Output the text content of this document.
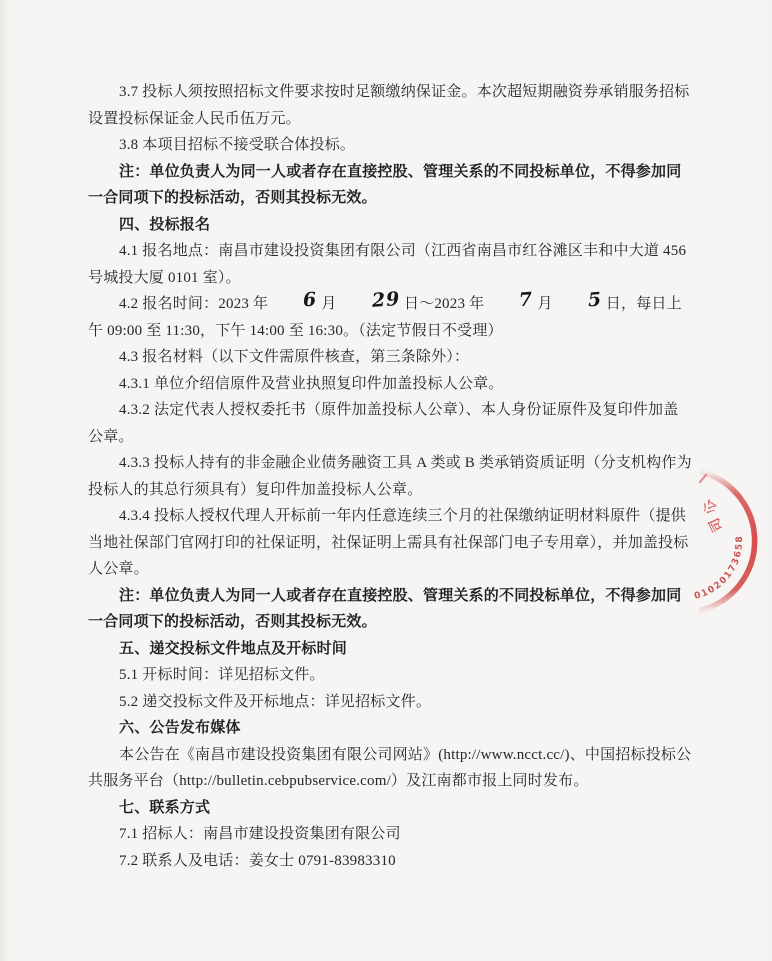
3.7 投标人须按照招标文件要求按时足额缴纳保证金。本次超短期融资券承销服务招标设置投标保证金人民币伍万元。

3.8 本项目招标不接受联合体投标。

注：单位负责人为同一人或者存在直接控股、管理关系的不同投标单位，不得参加同一合同项下的投标活动，否则其投标无效。

四、投标报名

4.1 报名地点：南昌市建设投资集团有限公司（江西省南昌市红谷滩区丰和中大道 456 号城投大厦 0101 室）。

4.2 报名时间：2023 年 6 月 29 日～2023 年 7 月 5 日，每日上午 09:00 至 11:30，下午 14:00 至 16:30。（法定节假日不受理）

4.3 报名材料（以下文件需原件核查，第三条除外）：

4.3.1 单位介绍信原件及营业执照复印件加盖投标人公章。

4.3.2 法定代表人授权委托书（原件加盖投标人公章）、本人身份证原件及复印件加盖公章。

4.3.3 投标人持有的非金融企业债务融资工具 A 类或 B 类承销资质证明（分支机构作为投标人的其总行须具有）复印件加盖投标人公章。

4.3.4 投标人授权代理人开标前一年内任意连续三个月的社保缴纳证明材料原件（提供当地社保部门官网打印的社保证明，社保证明上需具有社保部门电子专用章），并加盖投标人公章。

注：单位负责人为同一人或者存在直接控股、管理关系的不同投标单位，不得参加同一合同项下的投标活动，否则其投标无效。

五、递交投标文件地点及开标时间

5.1 开标时间：详见招标文件。

5.2 递交投标文件及开标地点：详见招标文件。

六、公告发布媒体

本公告在《南昌市建设投资集团有限公司网站》(http://www.ncct.cc/)、中国招标投标公共服务平台（http://bulletin.cebpubservice.com/）及江南都市报上同时发布。

七、联系方式

7.1 招标人：南昌市建设投资集团有限公司

7.2 联系人及电话：姜女士 0791-83983310

01020173658
公
司
